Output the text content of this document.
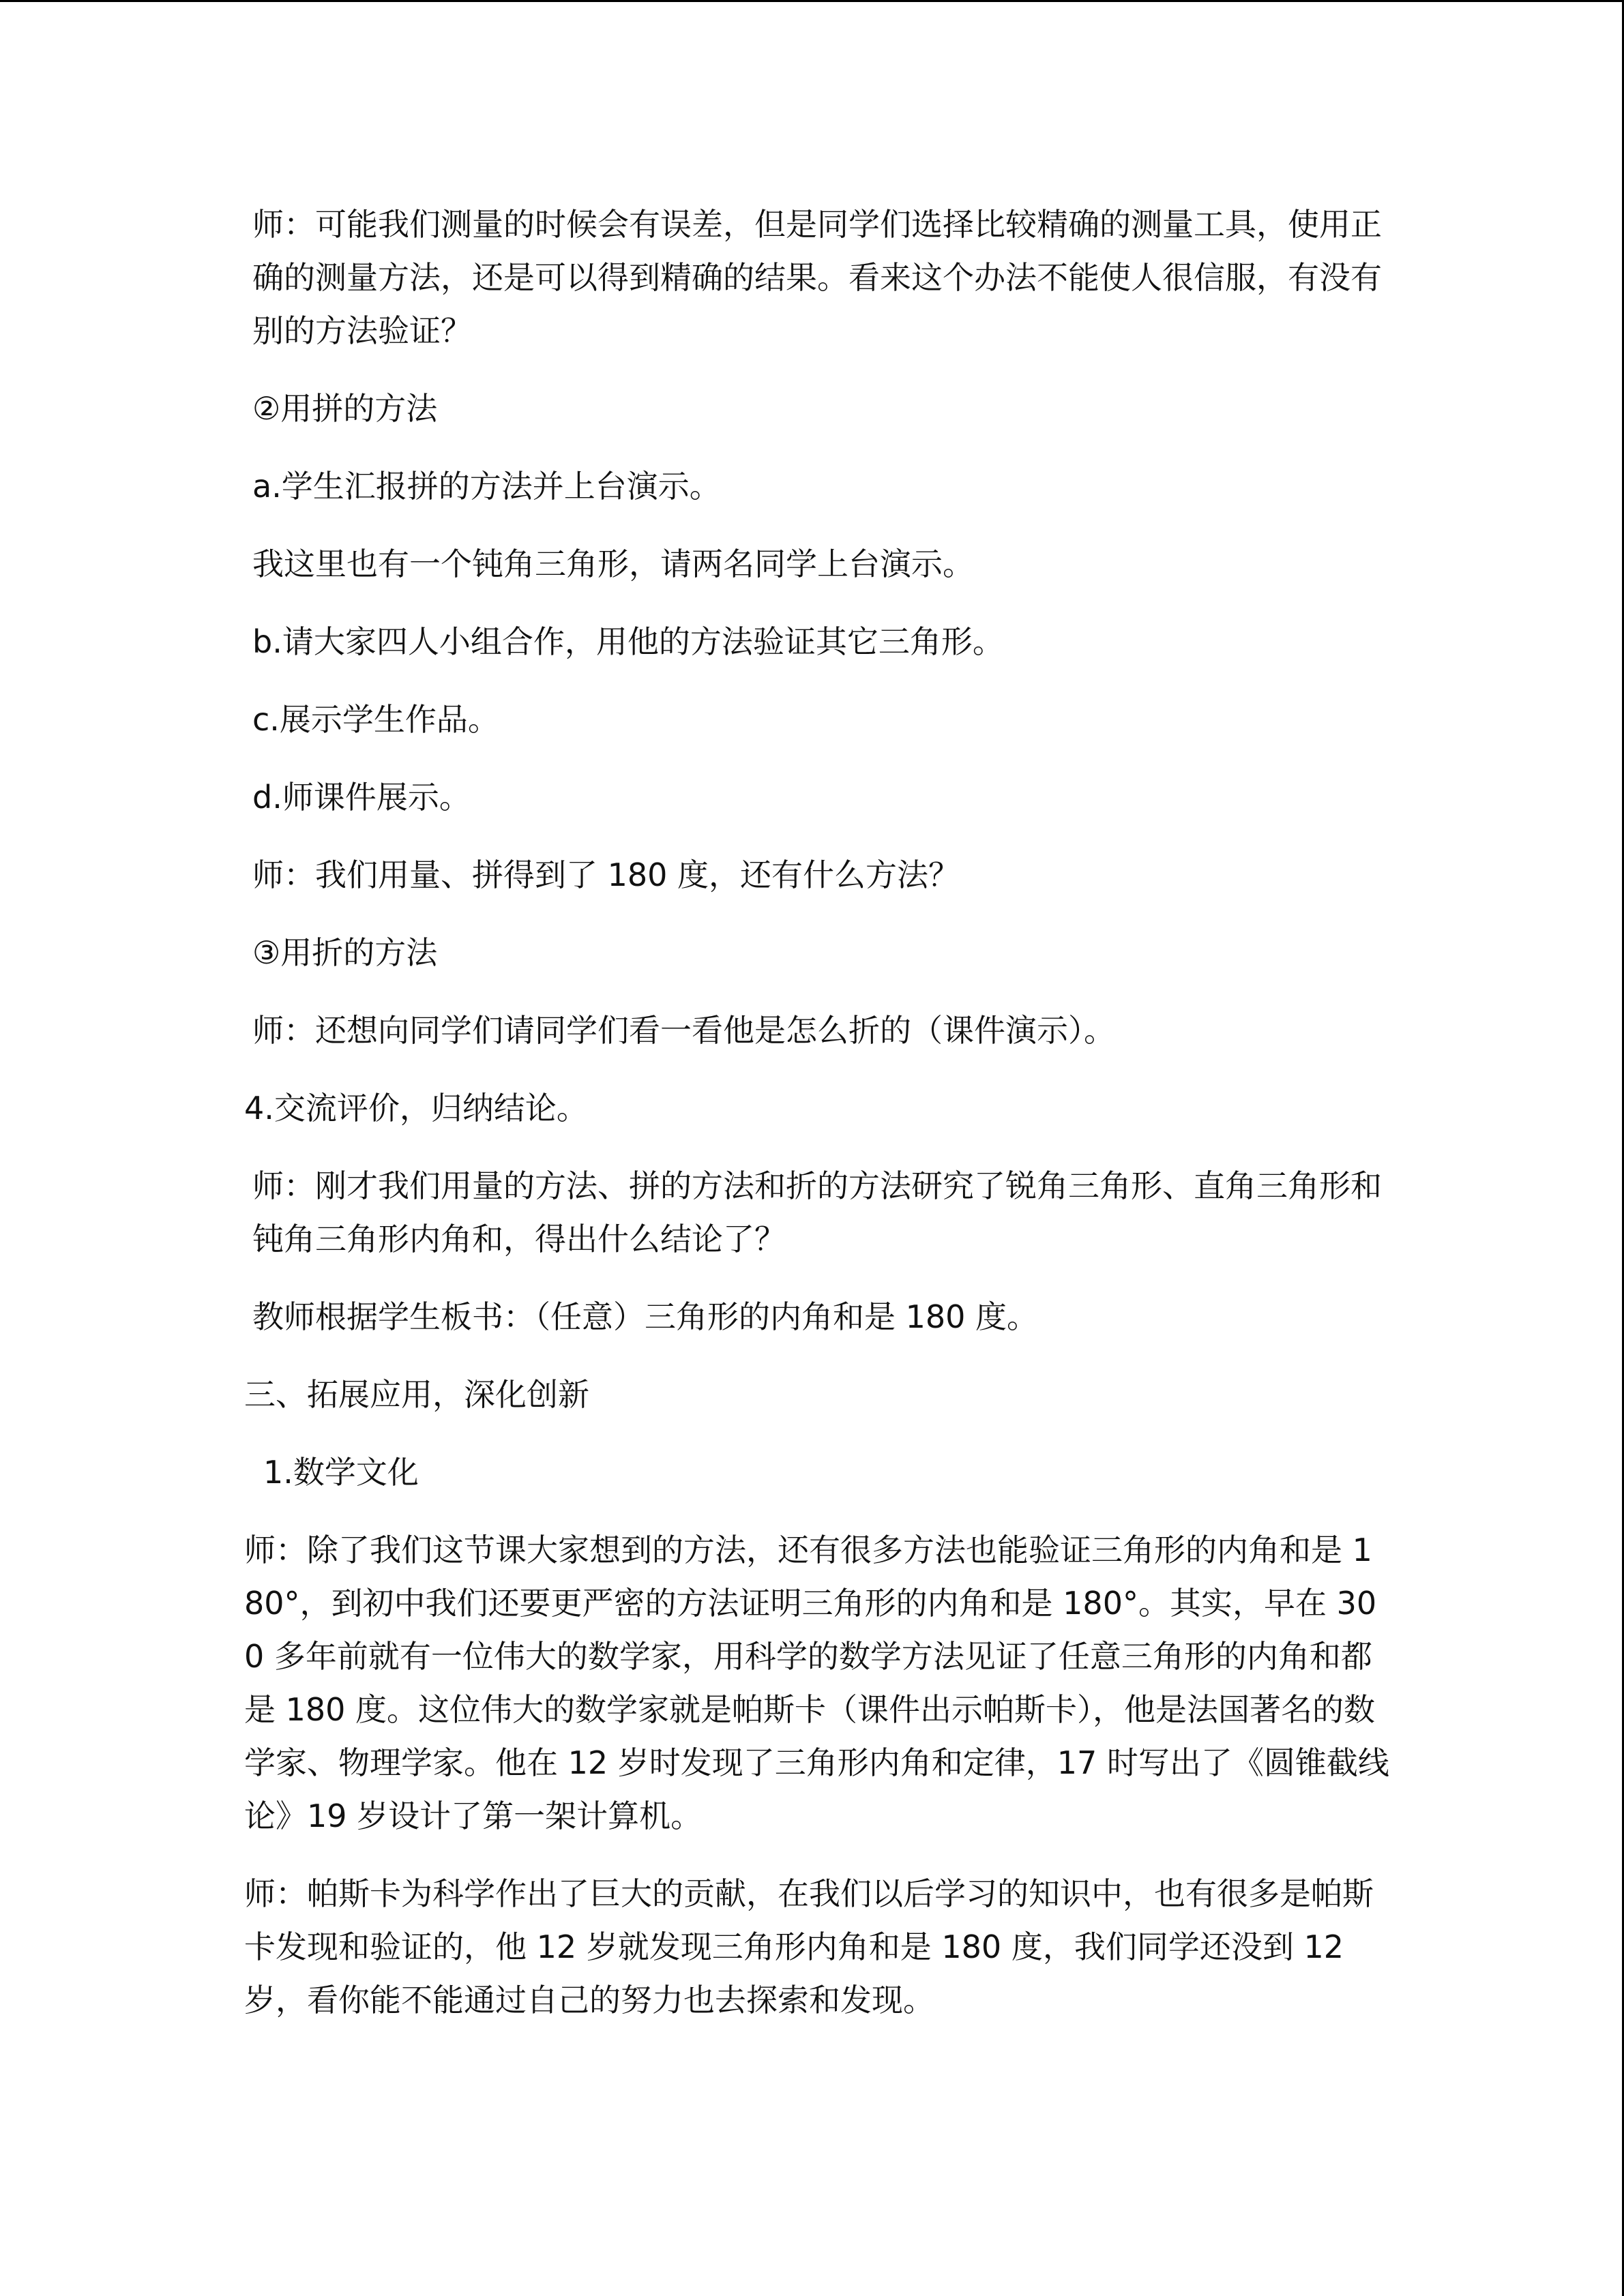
师：可能我们测量的时候会有误差，但是同学们选择比较精确的测量工具，使用正确的测量方法，还是可以得到精确的结果。看来这个办法不能使人很信服，有没有别的方法验证？

②用拼的方法

a.学生汇报拼的方法并上台演示。

我这里也有一个钝角三角形，请两名同学上台演示。

b.请大家四人小组合作，用他的方法验证其它三角形。

c.展示学生作品。

d.师课件展示。

师：我们用量、拼得到了 180 度，还有什么方法？

③用折的方法

师：还想向同学们请同学们看一看他是怎么折的（课件演示）。

4.交流评价，归纳结论。

师：刚才我们用量的方法、拼的方法和折的方法研究了锐角三角形、直角三角形和钝角三角形内角和，得出什么结论了？

教师根据学生板书：（任意）三角形的内角和是 180 度。

三、拓展应用，深化创新

1.数学文化

师：除了我们这节课大家想到的方法，还有很多方法也能验证三角形的内角和是 180°，到初中我们还要更严密的方法证明三角形的内角和是 180°。其实，早在 300 多年前就有一位伟大的数学家，用科学的数学方法见证了任意三角形的内角和都是 180 度。这位伟大的数学家就是帕斯卡（课件出示帕斯卡），他是法国著名的数学家、物理学家。他在 12 岁时发现了三角形内角和定律，17 时写出了《圆锥截线论》19 岁设计了第一架计算机。

师：帕斯卡为科学作出了巨大的贡献，在我们以后学习的知识中，也有很多是帕斯卡发现和验证的，他 12 岁就发现三角形内角和是 180 度，我们同学还没到 12 岁，看你能不能通过自己的努力也去探索和发现。
